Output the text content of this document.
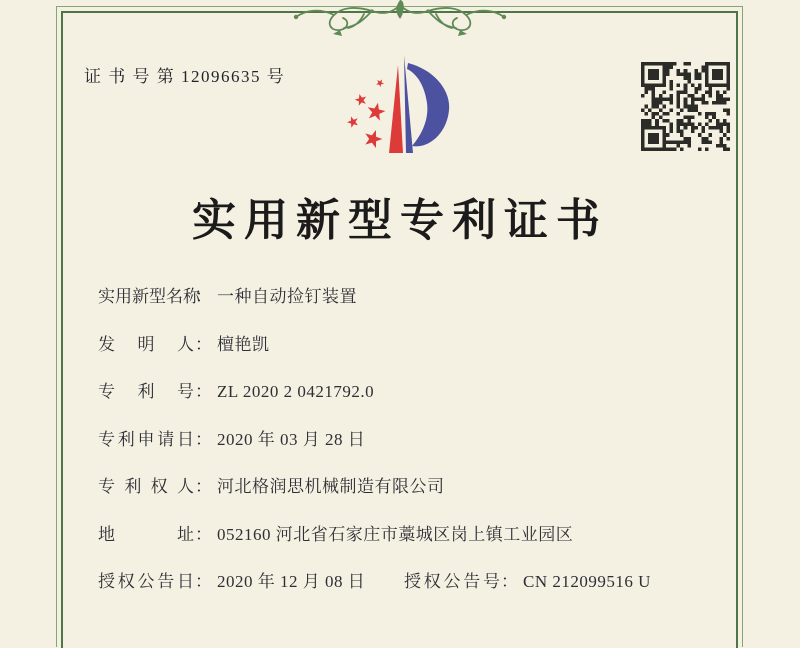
证 书 号 第 12096635 号
实用新型专利证书
实用新型名称
： 一种自动捡钉装置
发 明 人 ： 檀艳凯
专 利 号 ： ZL 2020 2 0421792.0
专利申请日 ： 2020 年 03 月 28 日
专 利 权 人 ： 河北格润思机械制造有限公司
地 址 ： 052160 河北省石家庄市藁城区岗上镇工业园区
授权公告日 ： 2020 年 12 月 08 日 授权公告号 ： CN 212099516 U
